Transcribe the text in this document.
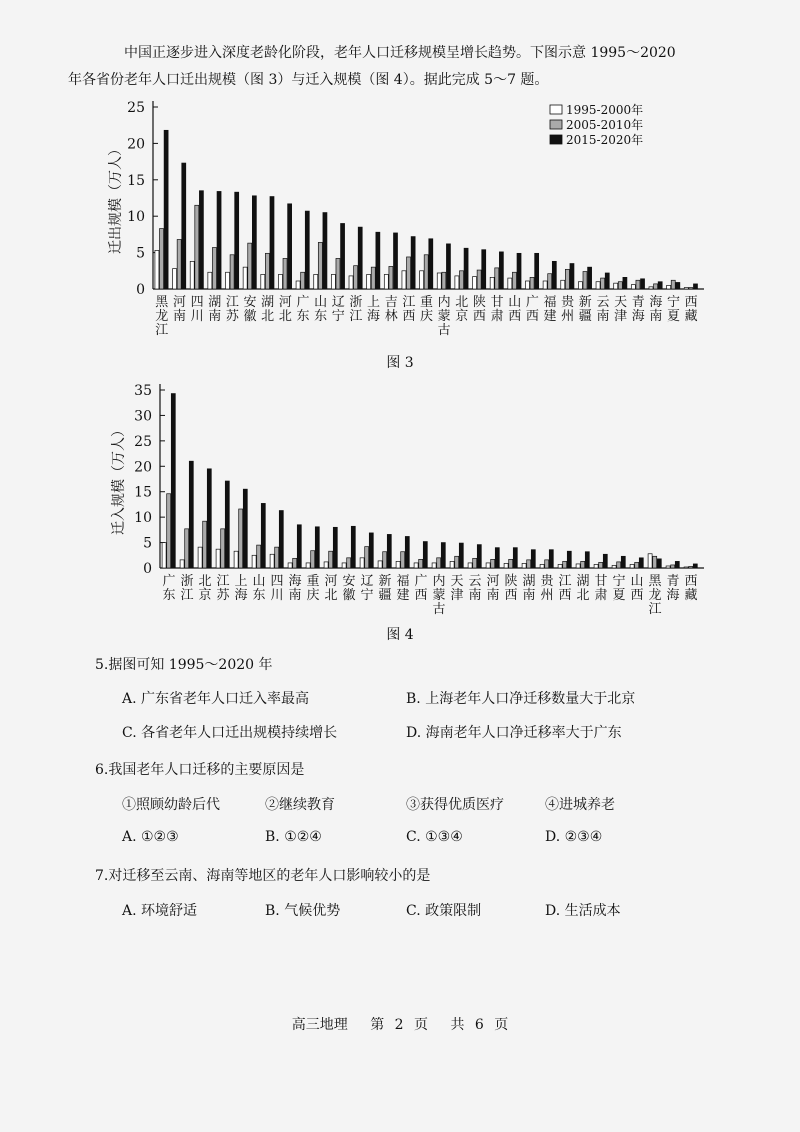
中国正逐步进入深度老龄化阶段，老年人口迁移规模呈增长趋势。下图示意 1995～2020
年各省份老年人口迁出规模（图 3）与迁入规模（图 4）。据此完成 5～7 题。
0
5
10
15
20
25
迁出规模（万人）
黑
龙
江
河
南
四
川
湖
南
江
苏
安
徽
湖
北
河
北
广
东
山
东
辽
宁
浙
江
上
海
吉
林
江
西
重
庆
内
蒙
古
北
京
陕
西
甘
肃
山
西
广
西
福
建
贵
州
新
疆
云
南
天
津
青
海
海
南
宁
夏
西
藏
1995-2000年
2005-2010年
2015-2020年
图 3
0
5
10
15
20
25
30
35
迁入规模（万人）
广
东
浙
江
北
京
江
苏
上
海
山
东
四
川
海
南
重
庆
河
北
安
徽
辽
宁
新
疆
福
建
广
西
内
蒙
古
天
津
云
南
河
南
陕
西
湖
南
贵
州
江
西
湖
北
甘
肃
宁
夏
山
西
黑
龙
江
青
海
西
藏
图 4
5.据图可知 1995～2020 年
A. 广东省老年人口迁入率最高	B. 上海老年人口净迁移数量大于北京
C. 各省老年人口迁出规模持续增长	D. 海南老年人口净迁移率大于广东
6.我国老年人口迁移的主要原因是
①照顾幼龄后代	②继续教育	③获得优质医疗	④进城养老
A. ①②③	B. ①②④	C. ①③④	D. ②③④
7.对迁移至云南、海南等地区的老年人口影响较小的是
A. 环境舒适	B. 气候优势	C. 政策限制	D. 生活成本
高三地理 第 2 页 共 6 页
